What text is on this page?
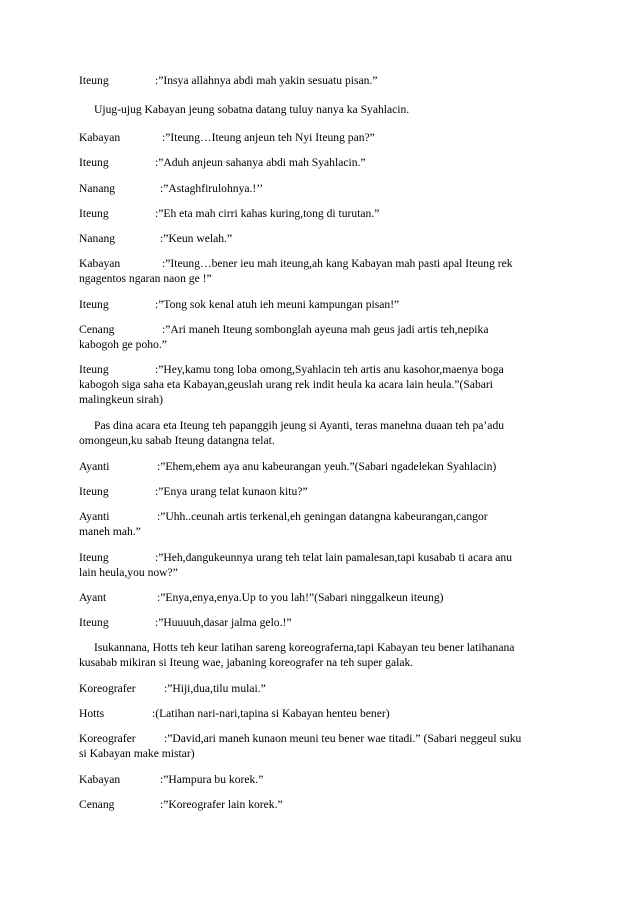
Iteung	:”Insya allahnya abdi mah yakin sesuatu pisan.”
Ujug-ujug Kabayan jeung sobatna datang tuluy nanya ka Syahlacin.
Kabayan	:”Iteung…Iteung anjeun teh Nyi Iteung pan?”
Iteung	:”Aduh anjeun sahanya abdi mah Syahlacin.”
Nanang	:”Astaghfirulohnya.!’’
Iteung	:”Eh eta mah cirri kahas kuring,tong di turutan.”
Nanang	:”Keun welah.”
Kabayan	:”Iteung…bener ieu mah iteung,ah kang Kabayan mah pasti apal Iteung rek
ngagentos ngaran naon ge !”
Iteung	:”Tong sok kenal atuh ieh meuni kampungan pisan!”
Cenang	:”Ari maneh Iteung sombonglah ayeuna mah geus jadi artis teh,nepika
kabogoh ge poho.”
Iteung	:”Hey,kamu tong loba omong,Syahlacin teh artis anu kasohor,maenya boga
kabogoh siga saha eta Kabayan,geuslah urang rek indit heula ka acara lain heula.”(Sabari
malingkeun sirah)
Pas dina acara eta Iteung teh papanggih jeung si Ayanti, teras manehna duaan teh pa’adu
omongeun,ku sabab Iteung datangna telat.
Ayanti	:”Ehem,ehem aya anu kabeurangan yeuh.”(Sabari ngadelekan Syahlacin)
Iteung	:”Enya urang telat kunaon kitu?”
Ayanti	:”Uhh..ceunah artis terkenal,eh geningan datangna kabeurangan,cangor
maneh mah.”
Iteung	:”Heh,dangukeunnya urang teh telat lain pamalesan,tapi kusabab ti acara anu
lain heula,you now?”
Ayant	:”Enya,enya,enya.Up to you lah!”(Sabari ninggalkeun iteung)
Iteung	:”Huuuuh,dasar jalma gelo.!”
Isukannana, Hotts teh keur latihan sareng koreograferna,tapi Kabayan teu bener latihanana
kusabab mikiran si Iteung wae, jabaning koreografer na teh super galak.
Koreografer :”Hiji,dua,tilu mulai.”
Hotts	:(Latihan nari-nari,tapina si Kabayan henteu bener)
Koreografer :”David,ari maneh kunaon meuni teu bener wae titadi.” (Sabari neggeul suku
si Kabayan make mistar)
Kabayan	:”Hampura bu korek.”
Cenang	:”Koreografer lain korek.”
